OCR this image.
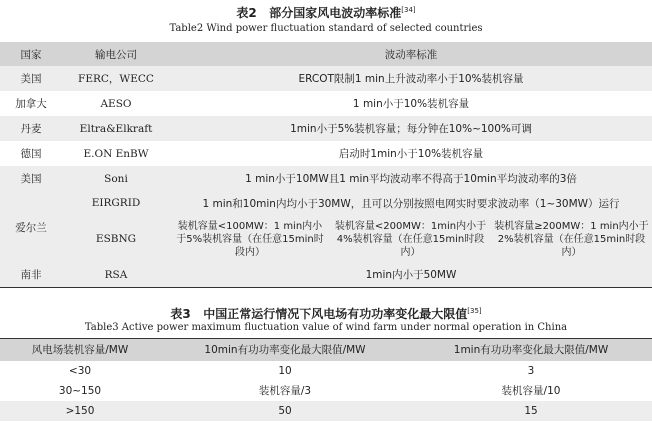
表2 部分国家风电波动率标准[34]
Table2 Wind power fluctuation standard of selected countries
国家	输电公司	波动率标准		
美国	FERC，WECC	ERCOT限制1 min上升波动率小于10%装机容量		
加拿大	AESO	1 min小于10%装机容量		
丹麦	Eltra&Elkraft	1min小于5%装机容量；每分钟在10%~100%可调		
德国	E.ON EnBW	启动时1min小于10%装机容量		
美国	Soni	1 min小于10MW且1 min平均波动率不得高于10min平均波动率的3倍		
爱尔兰	EIRGRID	1 min和10min内均小于30MW，且可以分别按照电网实时要求波动率（1~30MW）运行		
	ESBNG	装机容量<100MW：1 min内小于5%装机容量（在任意15min时段内）	装机容量<200MW：1min内小于4%装机容量（在任意15min时段内）	装机容量≥200MW：1 min内小于2%装机容量（在任意15min时段内）
南非	RSA	1min内小于50MW		
表3 中国正常运行情况下风电场有功功率变化最大限值[35]
Table3 Active power maximum fluctuation value of wind farm under normal operation in China
风电场装机容量/MW	10min有功功率变化最大限值/MW	1min有功功率变化最大限值/MW
<30	10	3
30~150	装机容量/3	装机容量/10
>150	50	15
